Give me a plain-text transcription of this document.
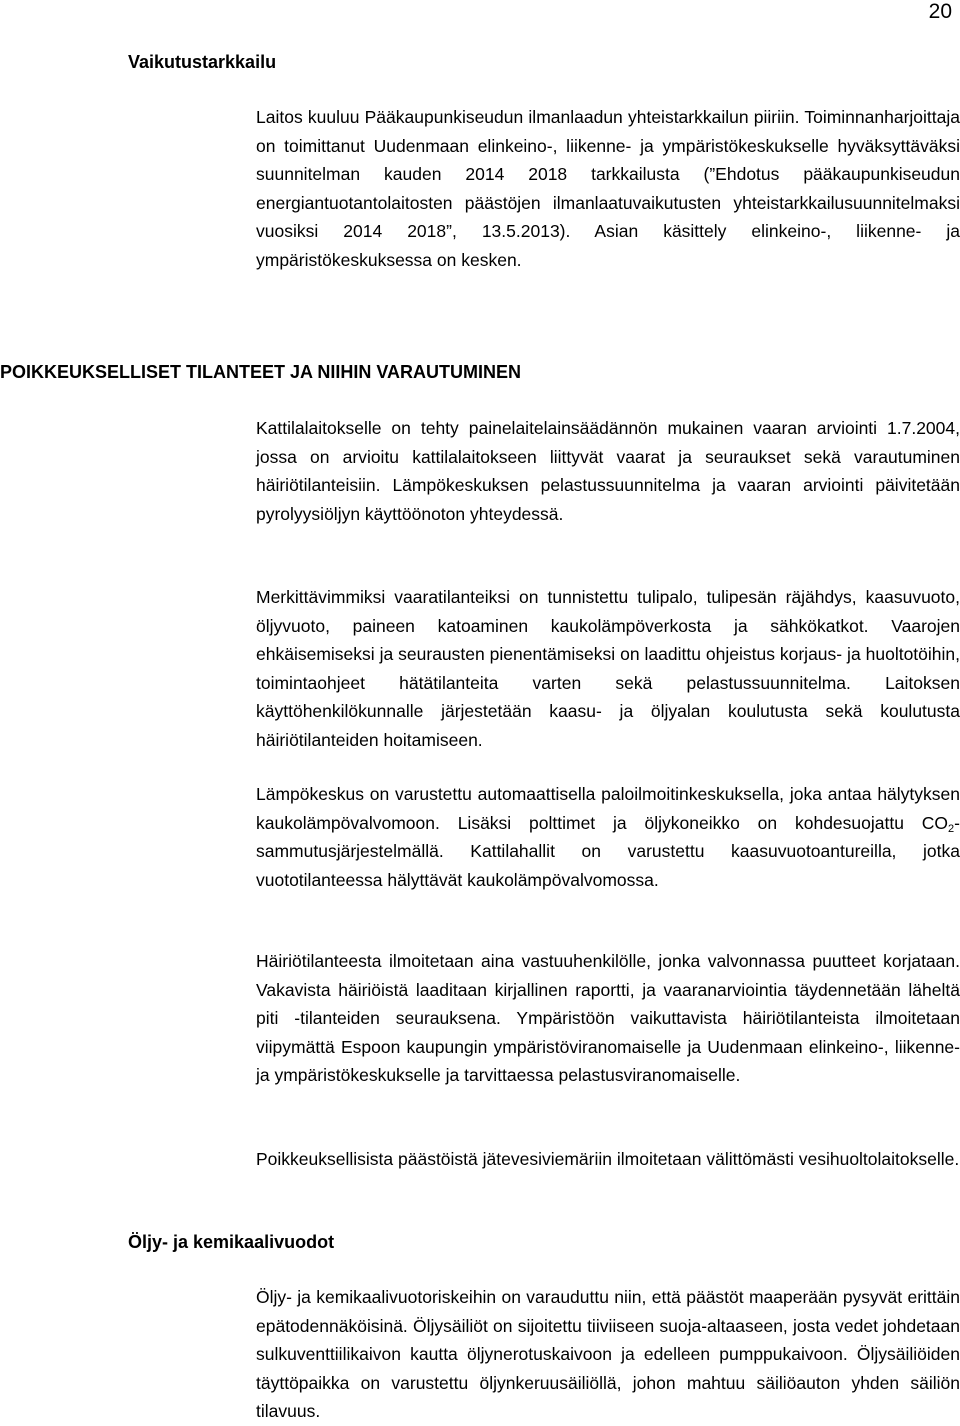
20
Vaikutustarkkailu

Laitos kuuluu Pääkaupunkiseudun ilmanlaadun yhteistarkkailun piiriin. Toiminnanharjoittaja on toimittanut Uudenmaan elinkeino-, liikenne- ja ympäristökeskukselle hyväksyttäväksi suunnitelman kauden 2014 2018 tarkkailusta (”Ehdotus pääkaupunkiseudun energiantuotantolaitosten päästöjen ilmanlaatuvaikutusten yhteistarkkailusuunnitelmaksi vuosiksi 2014 2018”, 13.5.2013). Asian käsittely elinkeino-, liikenne- ja ympäristökeskuksessa on kesken.

POIKKEUKSELLISET TILANTEET JA NIIHIN VARAUTUMINEN

Kattilalaitokselle on tehty painelaitelainsäädännön mukainen vaaran arviointi 1.7.2004, jossa on arvioitu kattilalaitokseen liittyvät vaarat ja seuraukset sekä varautuminen häiriötilanteisiin. Lämpökeskuksen pelastussuunnitelma ja vaaran arviointi päivitetään pyrolyysiöljyn käyttöönoton yhteydessä.

Merkittävimmiksi vaaratilanteiksi on tunnistettu tulipalo, tulipesän räjähdys, kaasuvuoto, öljyvuoto, paineen katoaminen kaukolämpöverkosta ja sähkökatkot. Vaarojen ehkäisemiseksi ja seurausten pienentämiseksi on laadittu ohjeistus korjaus- ja huoltotöihin, toimintaohjeet hätätilanteita varten sekä pelastussuunnitelma. Laitoksen käyttöhenkilökunnalle järjestetään kaasu- ja öljyalan koulutusta sekä koulutusta häiriötilanteiden hoitamiseen.

Lämpökeskus on varustettu automaattisella paloilmoitinkeskuksella, joka antaa hälytyksen kaukolämpövalvomoon. Lisäksi polttimet ja öljykoneikko on kohdesuojattu $CO_2$-sammutusjärjestelmällä. Kattilahallit on varustettu kaasuvuotoantureilla, jotka vuototilanteessa hälyttävät kaukolämpövalvomossa.

Poikkeuksellisista päästöistä jätevesiviemäriin ilmoitetaan välittömästi vesihuoltolaitokselle.

Häiriötilanteesta ilmoitetaan aina vastuuhenkilölle, jonka valvonnassa puutteet korjataan. Vakavista häiriöistä laaditaan kirjallinen raportti, ja vaaranarviointia täydennetään läheltä piti -tilanteiden seurauksena. Ympäristöön vaikuttavista häiriötilanteista ilmoitetaan viipymättä Espoon kaupungin ympäristöviranomaiselle ja Uudenmaan elinkeino-, liikenne- ja ympäristökeskukselle ja tarvittaessa pelastusviranomaiselle.

Öljy- ja kemikaalivuodot

Öljy- ja kemikaalivuotoriskeihin on varauduttu niin, että päästöt maaperään pysyvät erittäin epätodennäköisinä. Öljysäiliöt on sijoitettu tiiviiseen suoja-altaaseen, josta vedet johdetaan sulkuventtiilikaivon kautta öljynerotuskaivoon ja edelleen pumppukaivoon. Öljysäiliöiden täyttöpaikka on varustettu öljynkeruusäiliöllä, johon mahtuu säiliöauton yhden säiliön tilavuus.
